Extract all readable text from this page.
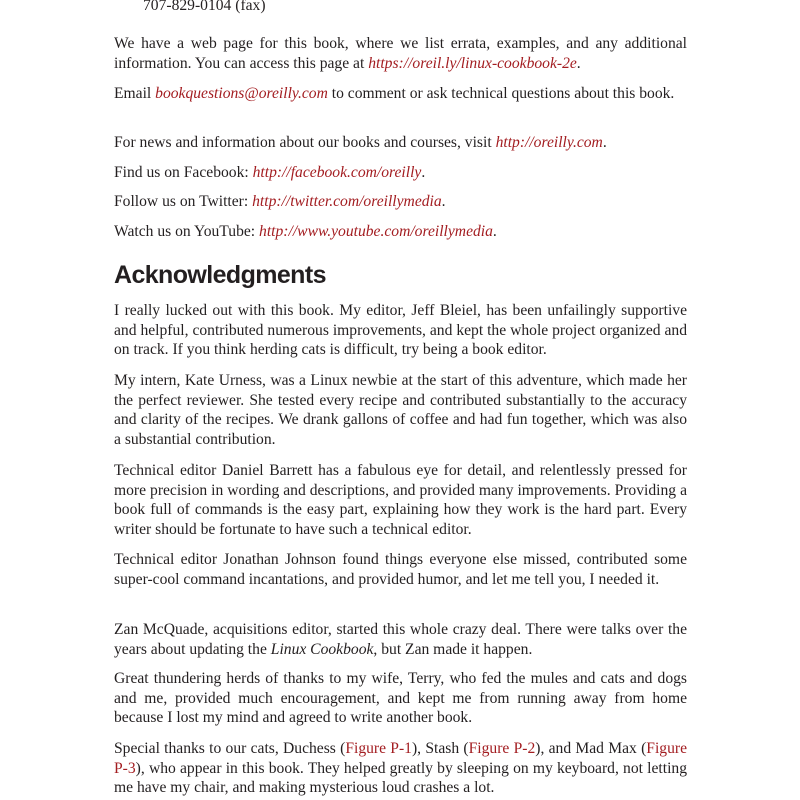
707-829-0104 (fax)

We have a web page for this book, where we list errata, examples, and any additional information. You can access this page at https://oreil.ly/linux-cookbook-2e.

Email bookquestions@oreilly.com to comment or ask technical questions about this book.

For news and information about our books and courses, visit http://oreilly.com.

Find us on Facebook: http://facebook.com/oreilly.

Follow us on Twitter: http://twitter.com/oreillymedia.

Watch us on YouTube: http://www.youtube.com/oreillymedia.

Acknowledgments

I really lucked out with this book. My editor, Jeff Bleiel, has been unfailingly supportive and helpful, contributed numerous improvements, and kept the whole project organized and on track. If you think herding cats is difficult, try being a book editor.

My intern, Kate Urness, was a Linux newbie at the start of this adventure, which made her the perfect reviewer. She tested every recipe and contributed substantially to the accuracy and clarity of the recipes. We drank gallons of coffee and had fun together, which was also a substantial contribution.

Technical editor Daniel Barrett has a fabulous eye for detail, and relentlessly pressed for more precision in wording and descriptions, and provided many improvements. Providing a book full of commands is the easy part, explaining how they work is the hard part. Every writer should be fortunate to have such a technical editor.

Technical editor Jonathan Johnson found things everyone else missed, contributed some super-cool command incantations, and provided humor, and let me tell you, I needed it.

Zan McQuade, acquisitions editor, started this whole crazy deal. There were talks over the years about updating the Linux Cookbook, but Zan made it happen.

Great thundering herds of thanks to my wife, Terry, who fed the mules and cats and dogs and me, provided much encouragement, and kept me from running away from home because I lost my mind and agreed to write another book.

Special thanks to our cats, Duchess (Figure P-1), Stash (Figure P-2), and Mad Max (Figure P-3), who appear in this book. They helped greatly by sleeping on my keyboard, not letting me have my chair, and making mysterious loud crashes a lot.
